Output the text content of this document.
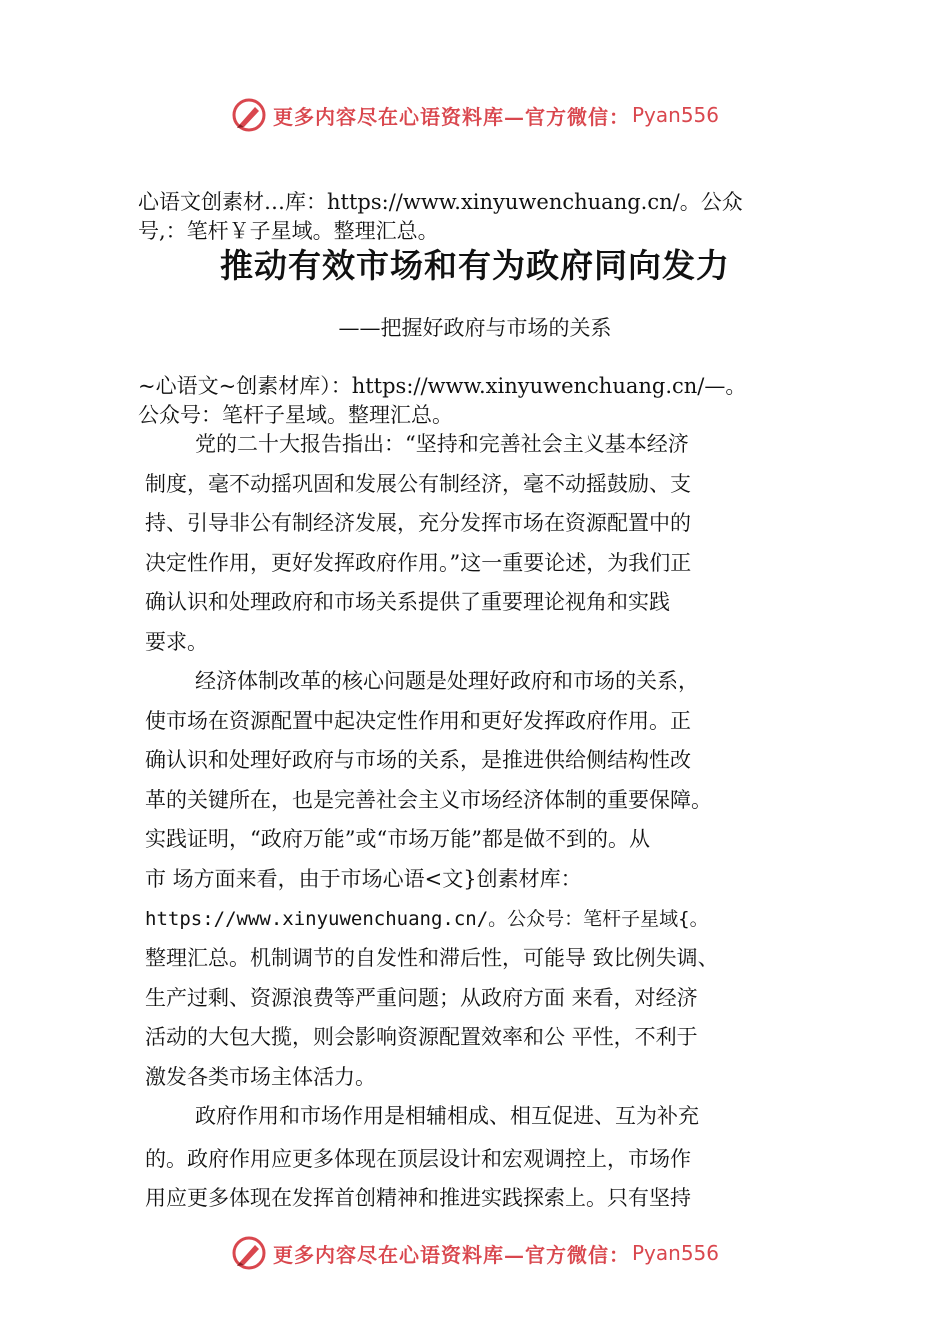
更多内容尽在心语资料库—官方微信： Pyan556
心语文创素材…库：https://www.xinyuwenchuang.cn/。公众
号,：笔杆￥子星域。整理汇总。
推动有效市场和有为政府同向发力
——把握好政府与市场的关系
~心语文~创素材库）：https://www.xinyuwenchuang.cn/—。
公众号：笔杆子星域。整理汇总。
党的二十大报告指出：“坚持和完善社会主义基本经济
制度，毫不动摇巩固和发展公有制经济，毫不动摇鼓励、支
持、引导非公有制经济发展，充分发挥市场在资源配置中的
决定性作用，更好发挥政府作用。”这一重要论述，为我们正
确认识和处理政府和市场关系提供了重要理论视角和实践
要求。
经济体制改革的核心问题是处理好政府和市场的关系，
使市场在资源配置中起决定性作用和更好发挥政府作用。正
确认识和处理好政府与市场的关系，是推进供给侧结构性改
革的关键所在，也是完善社会主义市场经济体制的重要保障。
实践证明，“政府万能”或“市场万能”都是做不到的。从
市 场方面来看，由于市场心语<文}创素材库：
https://www.xinyuwenchuang.cn/。公众号：笔杆子星域{。
整理汇总。机制调节的自发性和滞后性，可能导 致比例失调、
生产过剩、资源浪费等严重问题；从政府方面 来看，对经济
活动的大包大揽，则会影响资源配置效率和公 平性，不利于
激发各类市场主体活力。
政府作用和市场作用是相辅相成、相互促进、互为补充
的。政府作用应更多体现在顶层设计和宏观调控上，市场作
用应更多体现在发挥首创精神和推进实践探索上。只有坚持
更多内容尽在心语资料库—官方微信： Pyan556
